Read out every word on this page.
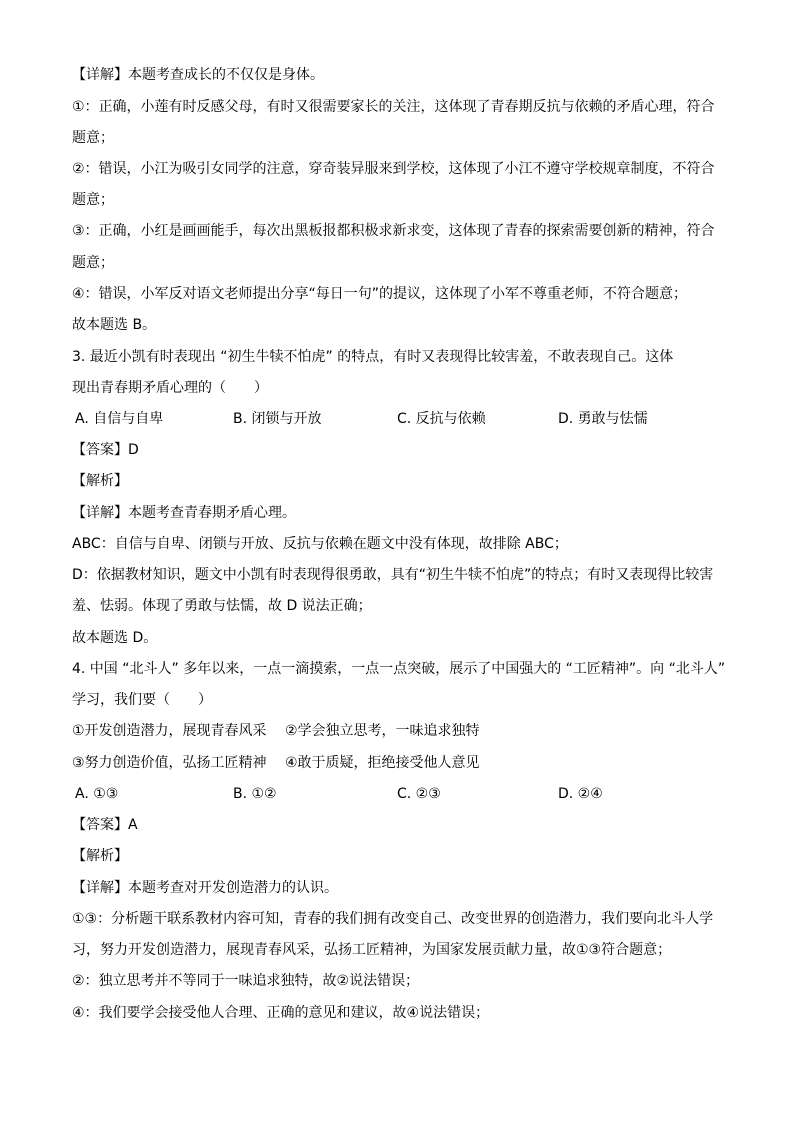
【详解】本题考查成长的不仅仅是身体。
①：正确，小莲有时反感父母，有时又很需要家长的关注，这体现了青春期反抗与依赖的矛盾心理，符合
题意；
②：错误，小江为吸引女同学的注意，穿奇装异服来到学校，这体现了小江不遵守学校规章制度，不符合
题意；
③：正确，小红是画画能手，每次出黑板报都积极求新求变，这体现了青春的探索需要创新的精神，符合
题意；
④：错误，小军反对语文老师提出分享“每日一句”的提议，这体现了小军不尊重老师，不符合题意；
故本题选 B。
3. 最近小凯有时表现出 “初生牛犊不怕虎” 的特点，有时又表现得比较害羞，不敢表现自己。这体
现出青春期矛盾心理的（　　）
A. 自信与自卑	B. 闭锁与开放	C. 反抗与依赖	D. 勇敢与怯懦
【答案】D
【解析】
【详解】本题考查青春期矛盾心理。
ABC：自信与自卑、闭锁与开放、反抗与依赖在题文中没有体现，故排除 ABC；
D：依据教材知识，题文中小凯有时表现得很勇敢，具有“初生牛犊不怕虎”的特点；有时又表现得比较害
羞、怯弱。体现了勇敢与怯懦，故 D 说法正确；
故本题选 D。
4. 中国 “北斗人” 多年以来，一点一滴摸索，一点一点突破，展示了中国强大的 “工匠精神”。向 “北斗人”
学习，我们要（　　）
①开发创造潜力，展现青春风采　 ②学会独立思考，一味追求独特
③努力创造价值，弘扬工匠精神　 ④敢于质疑，拒绝接受他人意见
A. ①③	B. ①②	C. ②③	D. ②④
【答案】A
【解析】
【详解】本题考查对开发创造潜力的认识。
①③：分析题干联系教材内容可知，青春的我们拥有改变自己、改变世界的创造潜力，我们要向北斗人学
习，努力开发创造潜力，展现青春风采，弘扬工匠精神，为国家发展贡献力量，故①③符合题意；
②：独立思考并不等同于一味追求独特，故②说法错误；
④：我们要学会接受他人合理、正确的意见和建议，故④说法错误；
